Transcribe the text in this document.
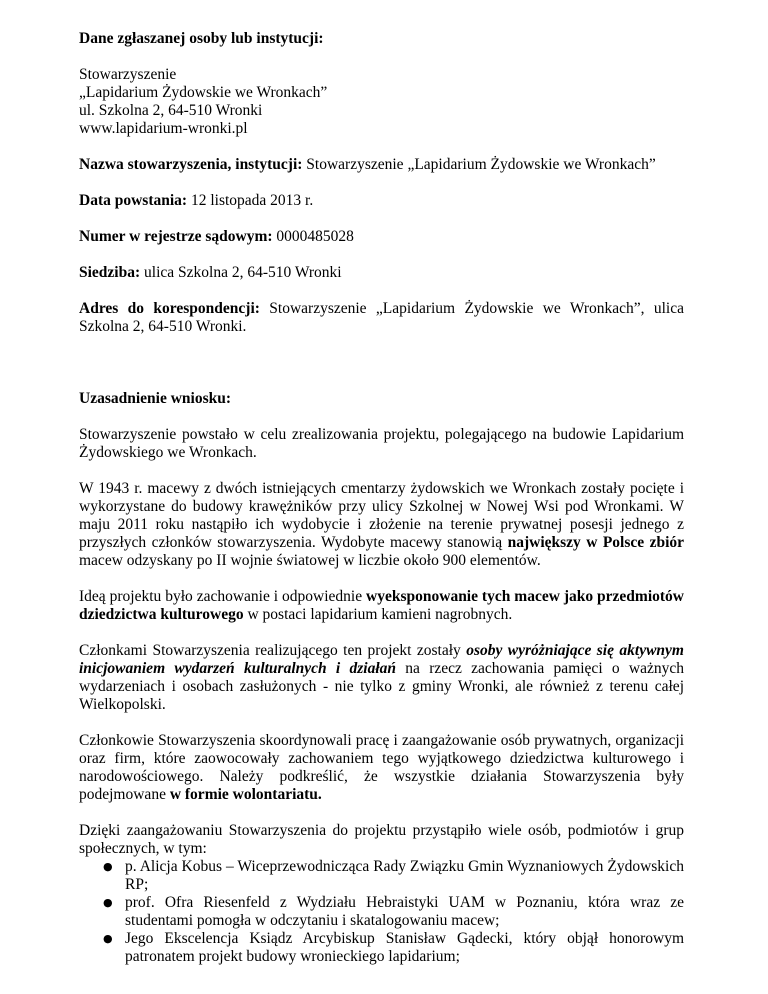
Dane zgłaszanej osoby lub instytucji:

Stowarzyszenie

„Lapidarium Żydowskie we Wronkach”

ul. Szkolna 2, 64-510 Wronki

www.lapidarium-wronki.pl

Nazwa stowarzyszenia, instytucji: Stowarzyszenie „Lapidarium Żydowskie we Wronkach”

Data powstania: 12 listopada 2013 r.

Numer w rejestrze sądowym: 0000485028

Siedziba: ulica Szkolna 2, 64-510 Wronki

Adres do korespondencji: Stowarzyszenie „Lapidarium Żydowskie we Wronkach”, ulica Szkolna 2, 64-510 Wronki.

Uzasadnienie wniosku:

Stowarzyszenie powstało w celu zrealizowania projektu, polegającego na budowie Lapidarium Żydowskiego we Wronkach.

W 1943 r. macewy z dwóch istniejących cmentarzy żydowskich we Wronkach zostały pocięte i wykorzystane do budowy krawężników przy ulicy Szkolnej w Nowej Wsi pod Wronkami. W maju 2011 roku nastąpiło ich wydobycie i złożenie na terenie prywatnej posesji jednego z przyszłych członków stowarzyszenia. Wydobyte macewy stanowią największy w Polsce zbiór macew odzyskany po II wojnie światowej w liczbie około 900 elementów.

Ideą projektu było zachowanie i odpowiednie wyeksponowanie tych macew jako przedmiotów dziedzictwa kulturowego w postaci lapidarium kamieni nagrobnych.

Członkami Stowarzyszenia realizującego ten projekt zostały osoby wyróżniające się aktywnym inicjowaniem wydarzeń kulturalnych i działań na rzecz zachowania pamięci o ważnych wydarzeniach i osobach zasłużonych - nie tylko z gminy Wronki, ale również z terenu całej Wielkopolski.

Członkowie Stowarzyszenia skoordynowali pracę i zaangażowanie osób prywatnych, organizacji oraz firm, które zaowocowały zachowaniem tego wyjątkowego dziedzictwa kulturowego i narodowościowego. Należy podkreślić, że wszystkie działania Stowarzyszenia były podejmowane w formie wolontariatu.

Dzięki zaangażowaniu Stowarzyszenia do projektu przystąpiło wiele osób, podmiotów i grup społecznych, w tym:

● p. Alicja Kobus – Wiceprzewodnicząca Rady Związku Gmin Wyznaniowych Żydowskich RP;
● prof. Ofra Riesenfeld z Wydziału Hebraistyki UAM w Poznaniu, która wraz ze studentami pomogła w odczytaniu i skatalogowaniu macew;
● Jego Ekscelencja Ksiądz Arcybiskup Stanisław Gądecki, który objął honorowym patronatem projekt budowy wronieckiego lapidarium;
